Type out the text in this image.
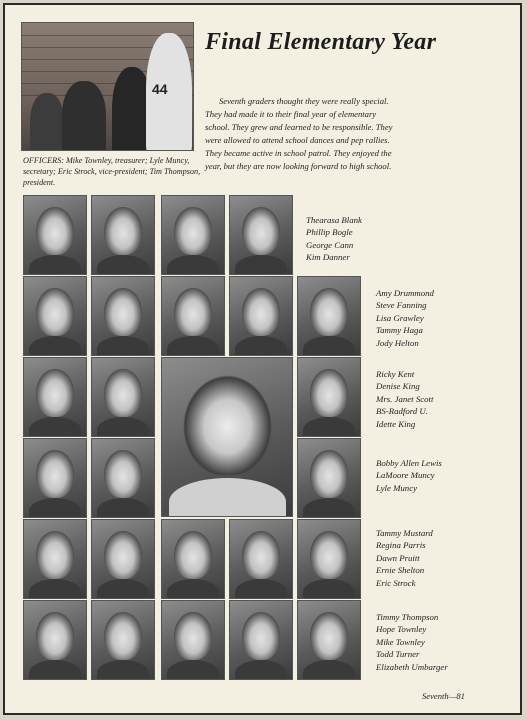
44
Final Elementary Year
Seventh graders thought they were really special. They had made it to their final year of elementary school. They grew and learned to be responsible. They were allowed to attend school dances and pep rallies. They became active in school patrol. They enjoyed the year, but they are now looking forward to high school.
OFFICERS: Mike Townley, treasurer; Lyle Muncy, secretary; Eric Strock, vice-president; Tim Thompson, president.
Thearasa Blank
Phillip Bogle
George Cann
Kim Danner
Amy Drummond
Steve Fanning
Lisa Grawley
Tammy Haga
Jody Helton
Ricky Kent
Denise King
Mrs. Janet Scott
BS-Radford U.
Idette King
Bobby Allen Lewis
LaMoore Muncy
Lyle Muncy
Tammy Mustard
Regina Parris
Dawn Pruitt
Ernie Shelton
Eric Strock
Timmy Thompson
Hope Townley
Mike Townley
Todd Turner
Elizabeth Umbarger
Seventh—81
